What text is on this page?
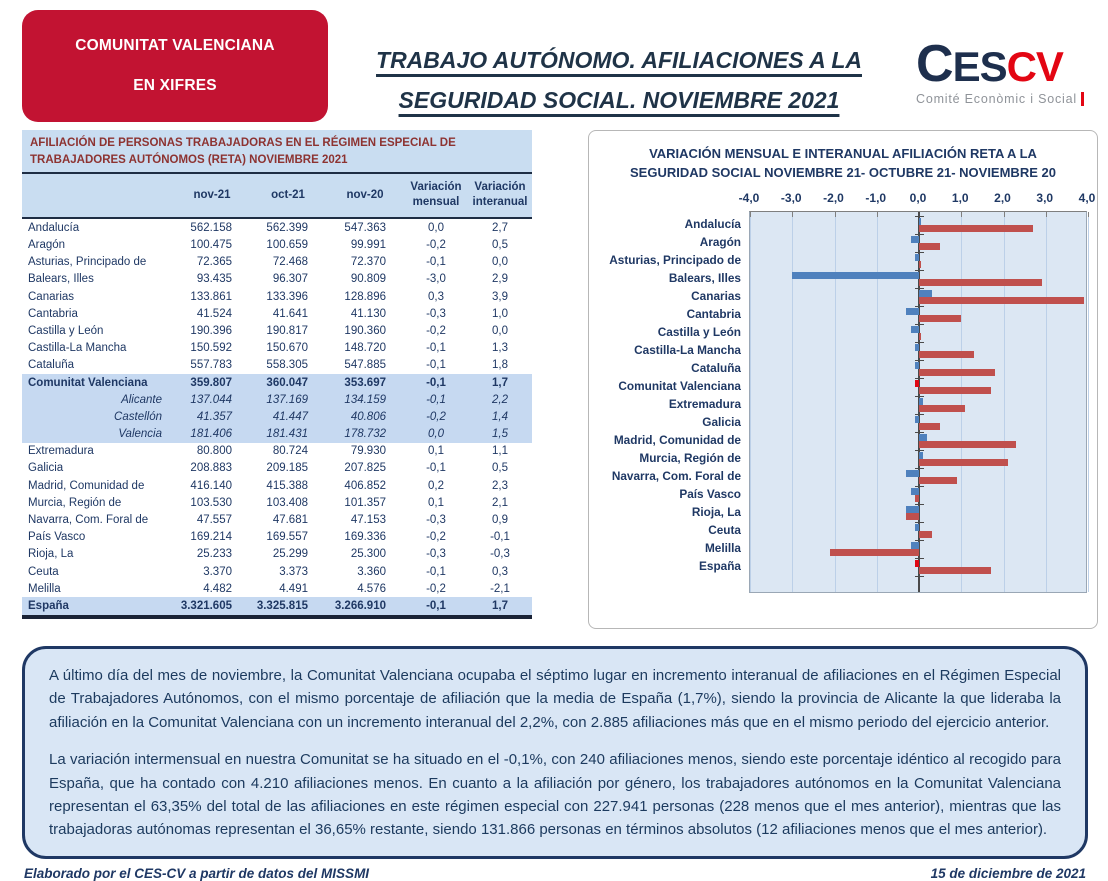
COMUNITAT VALENCIANA
EN XIFRES
TRABAJO AUTÓNOMO. AFILIACIONES A LA
SEGURIDAD SOCIAL. NOVIEMBRE 2021
CESCV
Comité Econòmic i Social
AFILIACIÓN DE PERSONAS TRABAJADORAS EN EL RÉGIMEN ESPECIAL DE
TRABAJADORES AUTÓNOMOS (RETA) NOVIEMBRE 2021
	nov-21	oct-21	nov-20	Variación mensual	Variación interanual
Andalucía	562.158	562.399	547.363	0,0	2,7
Aragón	100.475	100.659	99.991	-0,2	0,5
Asturias, Principado de	72.365	72.468	72.370	-0,1	0,0
Balears, Illes	93.435	96.307	90.809	-3,0	2,9
Canarias	133.861	133.396	128.896	0,3	3,9
Cantabria	41.524	41.641	41.130	-0,3	1,0
Castilla y León	190.396	190.817	190.360	-0,2	0,0
Castilla-La Mancha	150.592	150.670	148.720	-0,1	1,3
Cataluña	557.783	558.305	547.885	-0,1	1,8
Comunitat Valenciana	359.807	360.047	353.697	-0,1	1,7
Alicante	137.044	137.169	134.159	-0,1	2,2
Castellón	41.357	41.447	40.806	-0,2	1,4
Valencia	181.406	181.431	178.732	0,0	1,5
Extremadura	80.800	80.724	79.930	0,1	1,1
Galicia	208.883	209.185	207.825	-0,1	0,5
Madrid, Comunidad de	416.140	415.388	406.852	0,2	2,3
Murcia, Región de	103.530	103.408	101.357	0,1	2,1
Navarra, Com. Foral de	47.557	47.681	47.153	-0,3	0,9
País Vasco	169.214	169.557	169.336	-0,2	-0,1
Rioja, La	25.233	25.299	25.300	-0,3	-0,3
Ceuta	3.370	3.373	3.360	-0,1	0,3
Melilla	4.482	4.491	4.576	-0,2	-2,1
España	3.321.605	3.325.815	3.266.910	-0,1	1,7
VARIACIÓN MENSUAL E INTERANUAL AFILIACIÓN RETA A LA SEGURIDAD SOCIAL NOVIEMBRE 21- OCTUBRE 21- NOVIEMBRE 20
-4,0 -3,0 -2,0 -1,0 0,0 1,0 2,0 3,0 4,0
Andalucía
Aragón
Asturias, Principado de
Balears, Illes
Canarias
Cantabria
Castilla y León
Castilla-La Mancha
Cataluña
Comunitat Valenciana
Extremadura
Galicia
Madrid, Comunidad de
Murcia, Región de
Navarra, Com. Foral de
País Vasco
Rioja, La
Ceuta
Melilla
España

A último día del mes de noviembre, la Comunitat Valenciana ocupaba el séptimo lugar en incremento interanual de afiliaciones en el Régimen Especial de Trabajadores Autónomos, con el mismo porcentaje de afiliación que la media de España (1,7%), siendo la provincia de Alicante la que lideraba la afiliación en la Comunitat Valenciana con un incremento interanual del 2,2%, con 2.885 afiliaciones más que en el mismo periodo del ejercicio anterior.

La variación intermensual en nuestra Comunitat se ha situado en el -0,1%, con 240 afiliaciones menos, siendo este porcentaje idéntico al recogido para España, que ha contado con 4.210 afiliaciones menos. En cuanto a la afiliación por género, los trabajadores autónomos en la Comunitat Valenciana representan el 63,35% del total de las afiliaciones en este régimen especial con 227.941 personas (228 menos que el mes anterior), mientras que las trabajadoras autónomas representan el 36,65% restante, siendo 131.866 personas en términos absolutos (12 afiliaciones menos que el mes anterior).

Elaborado por el CES-CV a partir de datos del MISSMI	15 de diciembre de 2021
